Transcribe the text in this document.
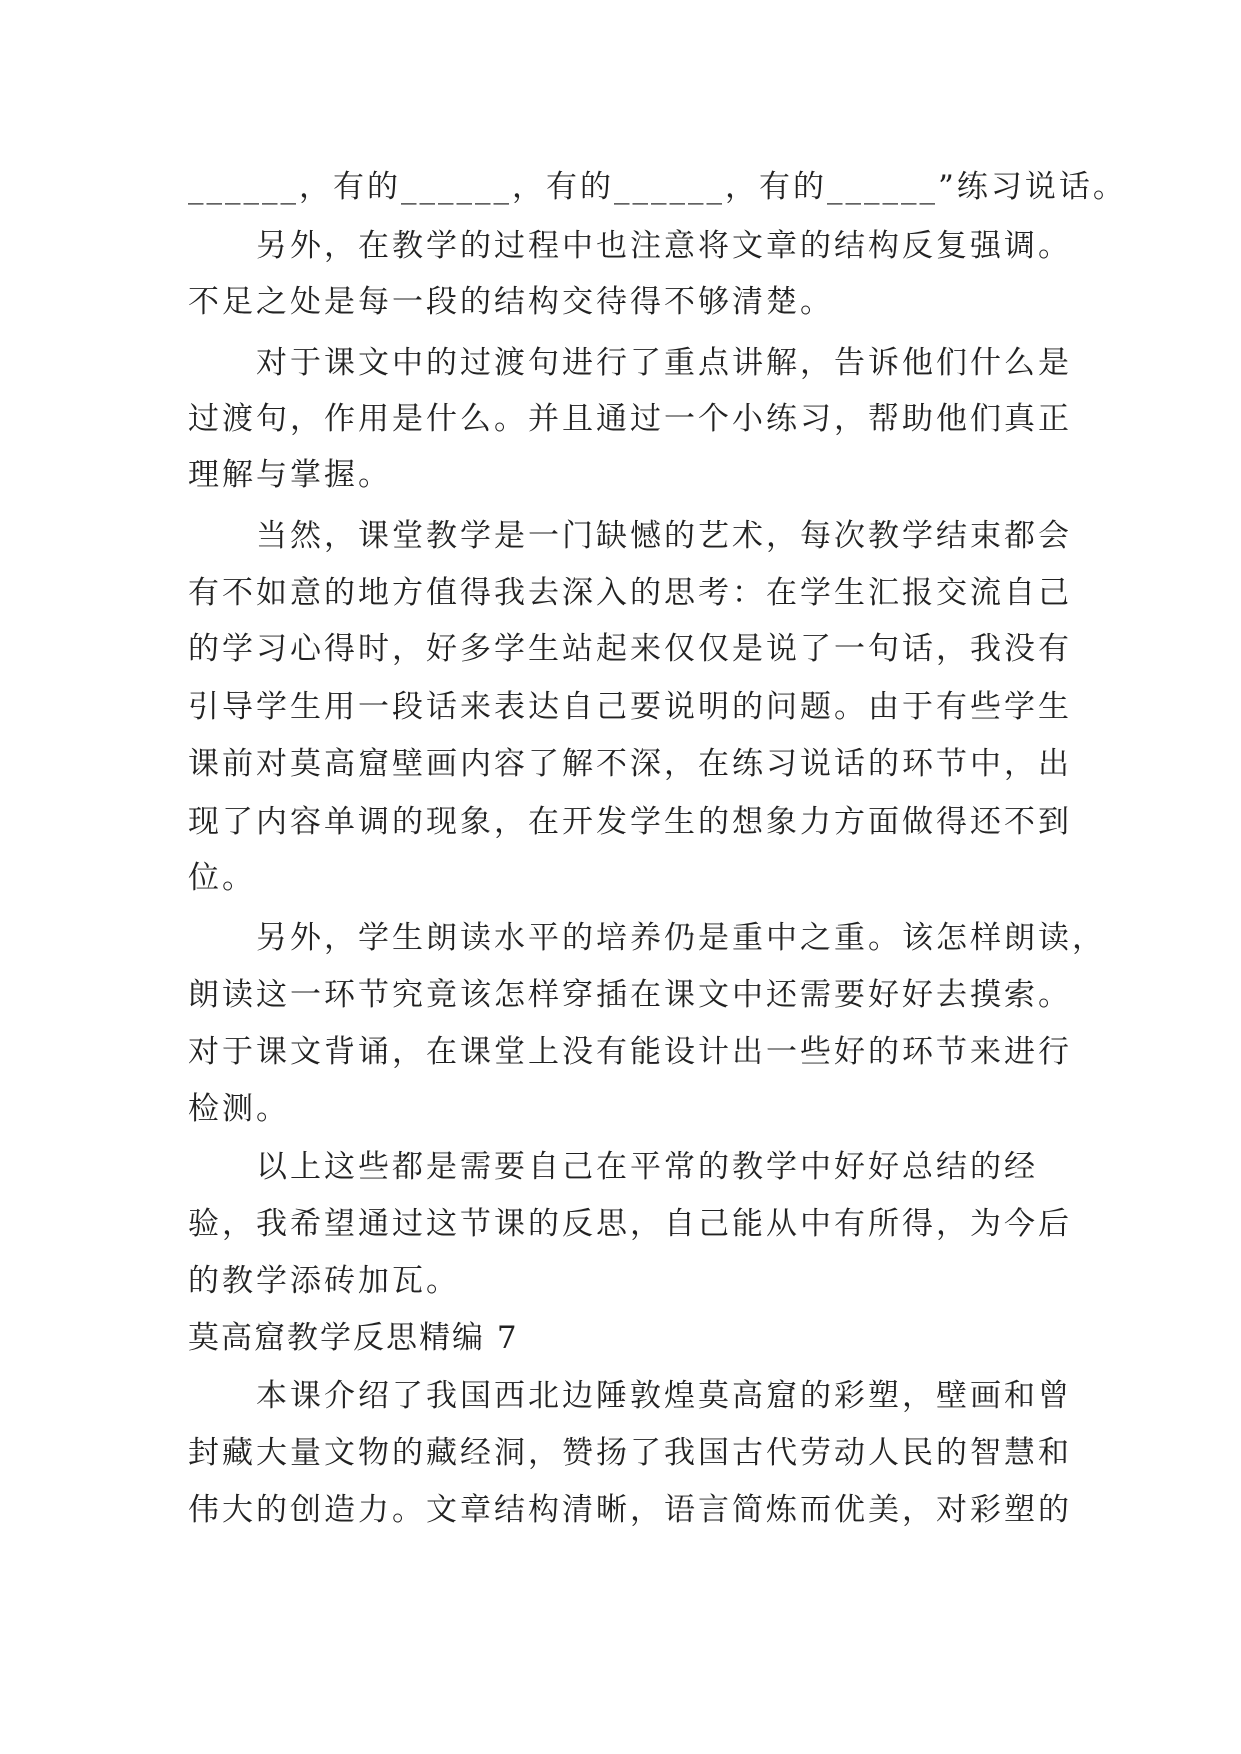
______，有的______，有的______，有的______”练习说话。
另外，在教学的过程中也注意将文章的结构反复强调。
不足之处是每一段的结构交待得不够清楚。
对于课文中的过渡句进行了重点讲解，告诉他们什么是
过渡句，作用是什么。并且通过一个小练习，帮助他们真正
理解与掌握。
当然，课堂教学是一门缺憾的艺术，每次教学结束都会
有不如意的地方值得我去深入的思考：在学生汇报交流自己
的学习心得时，好多学生站起来仅仅是说了一句话，我没有
引导学生用一段话来表达自己要说明的问题。由于有些学生
课前对莫高窟壁画内容了解不深，在练习说话的环节中，出
现了内容单调的现象，在开发学生的想象力方面做得还不到
位。
另外，学生朗读水平的培养仍是重中之重。该怎样朗读，
朗读这一环节究竟该怎样穿插在课文中还需要好好去摸索。
对于课文背诵，在课堂上没有能设计出一些好的环节来进行
检测。
以上这些都是需要自己在平常的教学中好好总结的经
验，我希望通过这节课的反思，自己能从中有所得，为今后
的教学添砖加瓦。
莫高窟教学反思精编 7
本课介绍了我国西北边陲敦煌莫高窟的彩塑，壁画和曾
封藏大量文物的藏经洞，赞扬了我国古代劳动人民的智慧和
伟大的创造力。文章结构清晰，语言简炼而优美，对彩塑的
